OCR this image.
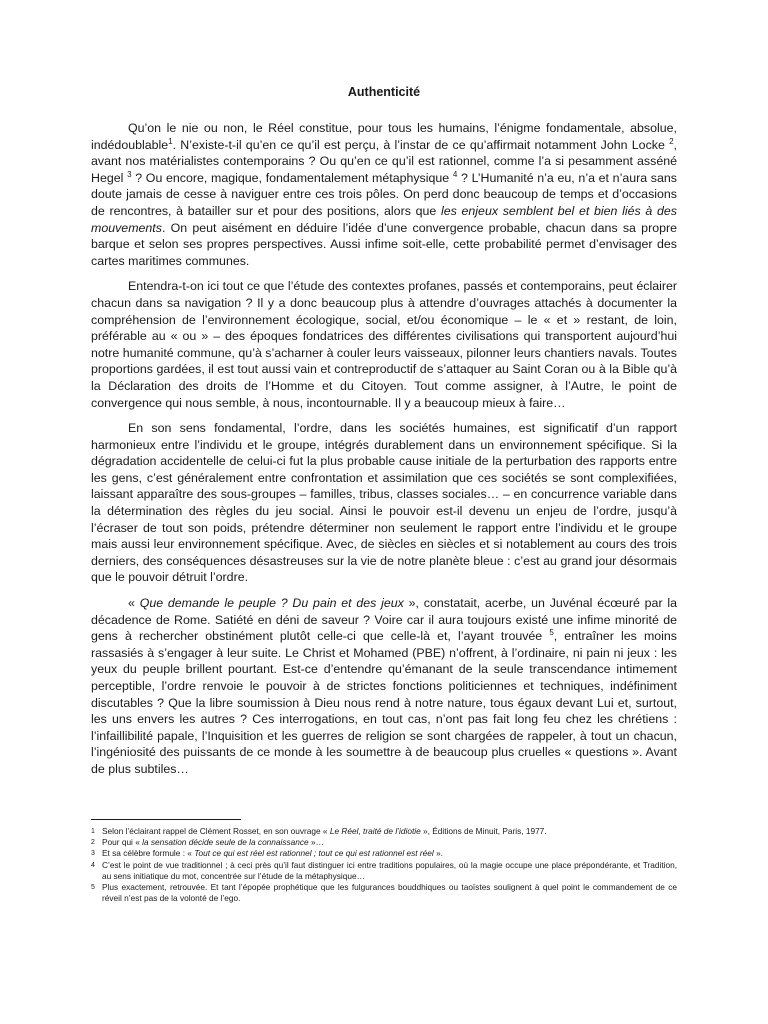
Authenticité

Qu’on le nie ou non, le Réel constitue, pour tous les humains, l’énigme fondamentale, absolue, indédoublable$^1$. N’existe-t-il qu’en ce qu’il est perçu, à l’instar de ce qu’affirmait notamment John Locke $^2$, avant nos matérialistes contemporains ? Ou qu’en ce qu’il est rationnel, comme l’a si pesamment asséné Hegel $^3$ ? Ou encore, magique, fondamentalement métaphysique $^4$ ? L’Humanité n’a eu, n’a et n’aura sans doute jamais de cesse à naviguer entre ces trois pôles. On perd donc beaucoup de temps et d’occasions de rencontres, à batailler sur et pour des positions, alors que les enjeux semblent bel et bien liés à des mouvements. On peut aisément en déduire l’idée d’une convergence probable, chacun dans sa propre barque et selon ses propres perspectives. Aussi infime soit-elle, cette probabilité permet d’envisager des cartes maritimes communes.

Entendra-t-on ici tout ce que l’étude des contextes profanes, passés et contemporains, peut éclairer chacun dans sa navigation ? Il y a donc beaucoup plus à attendre d’ouvrages attachés à documenter la compréhension de l’environnement écologique, social, et/ou économique – le « et » restant, de loin, préférable au « ou » – des époques fondatrices des différentes civilisations qui transportent aujourd’hui notre humanité commune, qu’à s’acharner à couler leurs vaisseaux, pilonner leurs chantiers navals. Toutes proportions gardées, il est tout aussi vain et contreproductif de s’attaquer au Saint Coran ou à la Bible qu’à la Déclaration des droits de l’Homme et du Citoyen. Tout comme assigner, à l’Autre, le point de convergence qui nous semble, à nous, incontournable. Il y a beaucoup mieux à faire…

En son sens fondamental, l’ordre, dans les sociétés humaines, est significatif d’un rapport harmonieux entre l’individu et le groupe, intégrés durablement dans un environnement spécifique. Si la dégradation accidentelle de celui-ci fut la plus probable cause initiale de la perturbation des rapports entre les gens, c’est généralement entre confrontation et assimilation que ces sociétés se sont complexifiées, laissant apparaître des sous-groupes – familles, tribus, classes sociales… – en concurrence variable dans la détermination des règles du jeu social. Ainsi le pouvoir est-il devenu un enjeu de l’ordre, jusqu’à l’écraser de tout son poids, prétendre déterminer non seulement le rapport entre l’individu et le groupe mais aussi leur environnement spécifique. Avec, de siècles en siècles et si notablement au cours des trois derniers, des conséquences désastreuses sur la vie de notre planète bleue : c’est au grand jour désormais que le pouvoir détruit l’ordre.

« Que demande le peuple ? Du pain et des jeux », constatait, acerbe, un Juvénal écœuré par la décadence de Rome. Satiété en déni de saveur ? Voire car il aura toujours existé une infime minorité de gens à rechercher obstinément plutôt celle-ci que celle-là et, l’ayant trouvée $^5$, entraîner les moins rassasiés à s’engager à leur suite. Le Christ et Mohamed (PBE) n’offrent, à l’ordinaire, ni pain ni jeux : les yeux du peuple brillent pourtant. Est-ce d’entendre qu’émanant de la seule transcendance intimement perceptible, l’ordre renvoie le pouvoir à de strictes fonctions politiciennes et techniques, indéfiniment discutables ? Que la libre soumission à Dieu nous rend à notre nature, tous égaux devant Lui et, surtout, les uns envers les autres ? Ces interrogations, en tout cas, n’ont pas fait long feu chez les chrétiens : l’infaillibilité papale, l’Inquisition et les guerres de religion se sont chargées de rappeler, à tout un chacun, l’ingéniosité des puissants de ce monde à les soumettre à de beaucoup plus cruelles « questions ». Avant de plus subtiles…

1 Selon l’éclairant rappel de Clément Rosset, en son ouvrage « Le Réel, traité de l’idiotie », Éditions de Minuit, Paris, 1977.
2 Pour qui « la sensation décide seule de la connaissance »…
3 Et sa célèbre formule : « Tout ce qui est réel est rationnel ; tout ce qui est rationnel est réel ».
4 C’est le point de vue traditionnel ; à ceci près qu’il faut distinguer ici entre traditions populaires, où la magie occupe une place prépondérante, et Tradition, au sens initiatique du mot, concentrée sur l’étude de la métaphysique…
5 Plus exactement, retrouvée. Et tant l’épopée prophétique que les fulgurances bouddhiques ou taoïstes soulignent à quel point le commandement de ce réveil n’est pas de la volonté de l’ego.
